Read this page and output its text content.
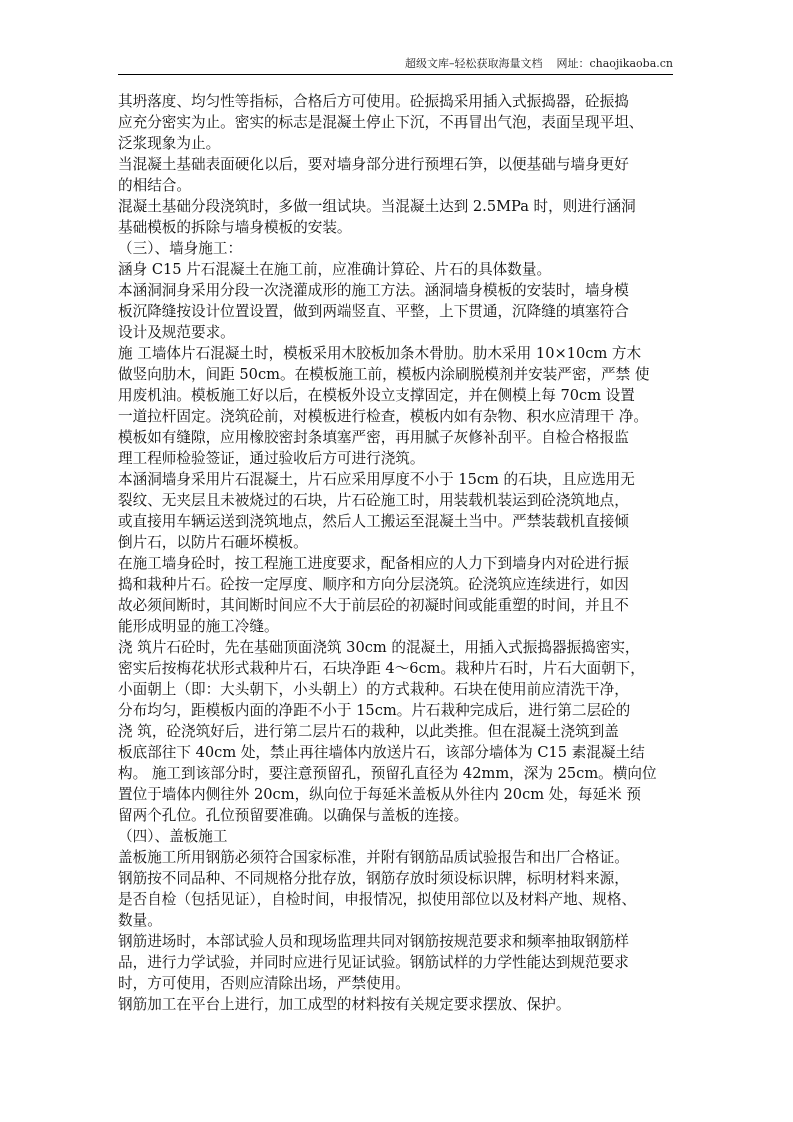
超级文库–轻松获取海量文档 网址：chaojikaoba.cn
其坍落度、均匀性等指标，合格后方可使用。砼振捣采用插入式振捣器，砼振捣
应充分密实为止。密实的标志是混凝土停止下沉，不再冒出气泡，表面呈现平坦、
泛浆现象为止。
当混凝土基础表面硬化以后，要对墙身部分进行预埋石笋，以便基础与墙身更好
的相结合。
混凝土基础分段浇筑时，多做一组试块。当混凝土达到 2.5MPa 时，则进行涵洞
基础模板的拆除与墙身模板的安装。
（三）、墙身施工：
涵身 C15 片石混凝土在施工前，应准确计算砼、片石的具体数量。
本涵洞洞身采用分段一次浇灌成形的施工方法。涵洞墙身模板的安装时，墙身模
板沉降缝按设计位置设置，做到两端竖直、平整，上下贯通，沉降缝的填塞符合
设计及规范要求。
施 工墙体片石混凝土时，模板采用木胶板加条木骨肋。肋木采用 10×10cm 方木
做竖向肋木，间距 50cm。在模板施工前，模板内涂刷脱模剂并安装严密，严禁 使
用废机油。模板施工好以后，在模板外设立支撑固定，并在侧模上每 70cm 设置
一道拉杆固定。浇筑砼前，对模板进行检查，模板内如有杂物、积水应清理干 净。
模板如有缝隙，应用橡胶密封条填塞严密，再用腻子灰修补刮平。自检合格报监
理工程师检验签证，通过验收后方可进行浇筑。
本涵洞墙身采用片石混凝土，片石应采用厚度不小于 15cm 的石块，且应选用无
裂纹、无夹层且未被烧过的石块，片石砼施工时，用装载机装运到砼浇筑地点，
或直接用车辆运送到浇筑地点，然后人工搬运至混凝土当中。严禁装载机直接倾
倒片石，以防片石砸坏模板。
在施工墙身砼时，按工程施工进度要求，配备相应的人力下到墙身内对砼进行振
捣和栽种片石。砼按一定厚度、顺序和方向分层浇筑。砼浇筑应连续进行，如因
故必须间断时，其间断时间应不大于前层砼的初凝时间或能重塑的时间，并且不
能形成明显的施工冷缝。
浇 筑片石砼时，先在基础顶面浇筑 30cm 的混凝土，用插入式振捣器振捣密实，
密实后按梅花状形式栽种片石，石块净距 4～6cm。栽种片石时，片石大面朝下，
小面朝上（即：大头朝下，小头朝上）的方式栽种。石块在使用前应清洗干净，
分布均匀，距模板内面的净距不小于 15cm。片石栽种完成后，进行第二层砼的
浇 筑，砼浇筑好后，进行第二层片石的栽种，以此类推。但在混凝土浇筑到盖
板底部往下 40cm 处，禁止再往墙体内放送片石，该部分墙体为 C15 素混凝土结
构。 施工到该部分时，要注意预留孔，预留孔直径为 42mm，深为 25cm。横向位
置位于墙体内侧往外 20cm，纵向位于每延米盖板从外往内 20cm 处，每延米 预
留两个孔位。孔位预留要准确。以确保与盖板的连接。
（四）、盖板施工
盖板施工所用钢筋必须符合国家标准，并附有钢筋品质试验报告和出厂合格证。
钢筋按不同品种、不同规格分批存放，钢筋存放时须设标识牌，标明材料来源，
是否自检（包括见证），自检时间，申报情况，拟使用部位以及材料产地、规格、
数量。
钢筋进场时，本部试验人员和现场监理共同对钢筋按规范要求和频率抽取钢筋样
品，进行力学试验，并同时应进行见证试验。钢筋试样的力学性能达到规范要求
时，方可使用，否则应清除出场，严禁使用。
钢筋加工在平台上进行，加工成型的材料按有关规定要求摆放、保护。
